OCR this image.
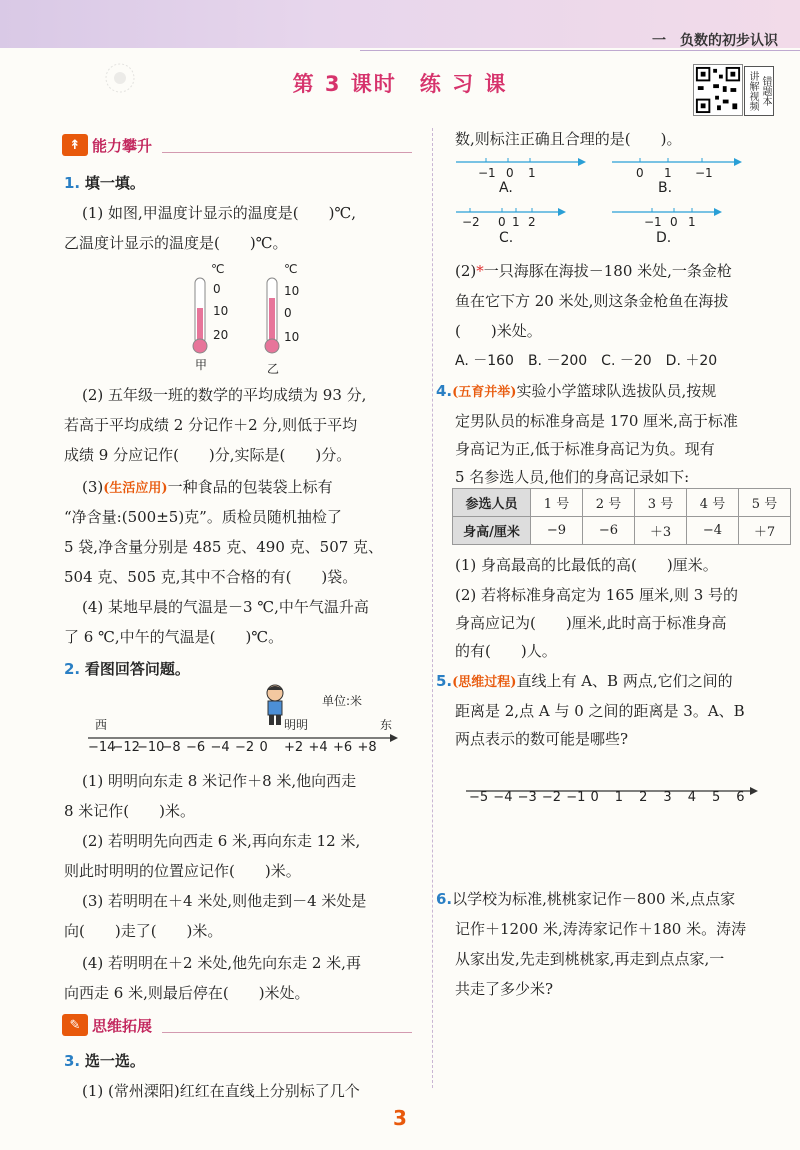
一　负数的初步认识
第 3 课时　练 习 课	讲解视频 错题本
↟ 能力攀升
1. 填一填。
(1) 如图,甲温度计显示的温度是(　　)℃,
乙温度计显示的温度是(　　)℃。
℃
0
10
20
甲
℃
10
0
10
乙
(2) 五年级一班的数学的平均成绩为 93 分,
若高于平均成绩 2 分记作＋2 分,则低于平均
成绩 9 分应记作(　　)分,实际是(　　)分。
(3)(生活应用)一种食品的包装袋上标有
“净含量:(500±5)克”。质检员随机抽检了
5 袋,净含量分别是 485 克、490 克、507 克、
504 克、505 克,其中不合格的有(　　)袋。
(4) 某地早晨的气温是－3 ℃,中午气温升高
了 6 ℃,中午的气温是(　　)℃。
2. 看图回答问题。
单位:米
西	东
明明
−14
−12
−10
−8 −6 −4 −2 0 +2 +4 +6 +8
(1) 明明向东走 8 米记作＋8 米,他向西走
8 米记作(　　)米。
(2) 若明明先向西走 6 米,再向东走 12 米,
则此时明明的位置应记作(　　)米。
(3) 若明明在＋4 米处,则他走到－4 米处是
向(　　)走了(　　)米。
(4) 若明明在＋2 米处,他先向东走 2 米,再
向西走 6 米,则最后停在(　　)米处。
✎ 思维拓展
3. 选一选。
(1) (常州溧阳)红红在直线上分别标了几个
数,则标注正确且合理的是(　　)。
−1 0 1
A.
0 1 −1
B.
−2 0 1 2
C.
−1 0 1
D.
(2)*一只海豚在海拔－180 米处,一条金枪
鱼在它下方 20 米处,则这条金枪鱼在海拔
(　　)米处。
A. －160　B. －200　C. －20　D. ＋20
4.(五育并举)实验小学篮球队选拔队员,按规
定男队员的标准身高是 170 厘米,高于标准
身高记为正,低于标准身高记为负。现有
5 名参选人员,他们的身高记录如下:
参选人员	1 号	2 号	3 号	4 号	5 号
身高/厘米	−9	−6	＋3	−4	＋7
(1) 身高最高的比最低的高(　　)厘米。
(2) 若将标准身高定为 165 厘米,则 3 号的
身高应记为(　　)厘米,此时高于标准身高
的有(　　)人。
5.(思维过程)直线上有 A、B 两点,它们之间的
距离是 2,点 A 与 0 之间的距离是 3。A、B
两点表示的数可能是哪些?
−5 −4 −3 −2 −1 0 1 2 3 4 5 6
6.以学校为标准,桃桃家记作－800 米,点点家
记作＋1200 米,涛涛家记作＋180 米。涛涛
从家出发,先走到桃桃家,再走到点点家,一
共走了多少米?
3
